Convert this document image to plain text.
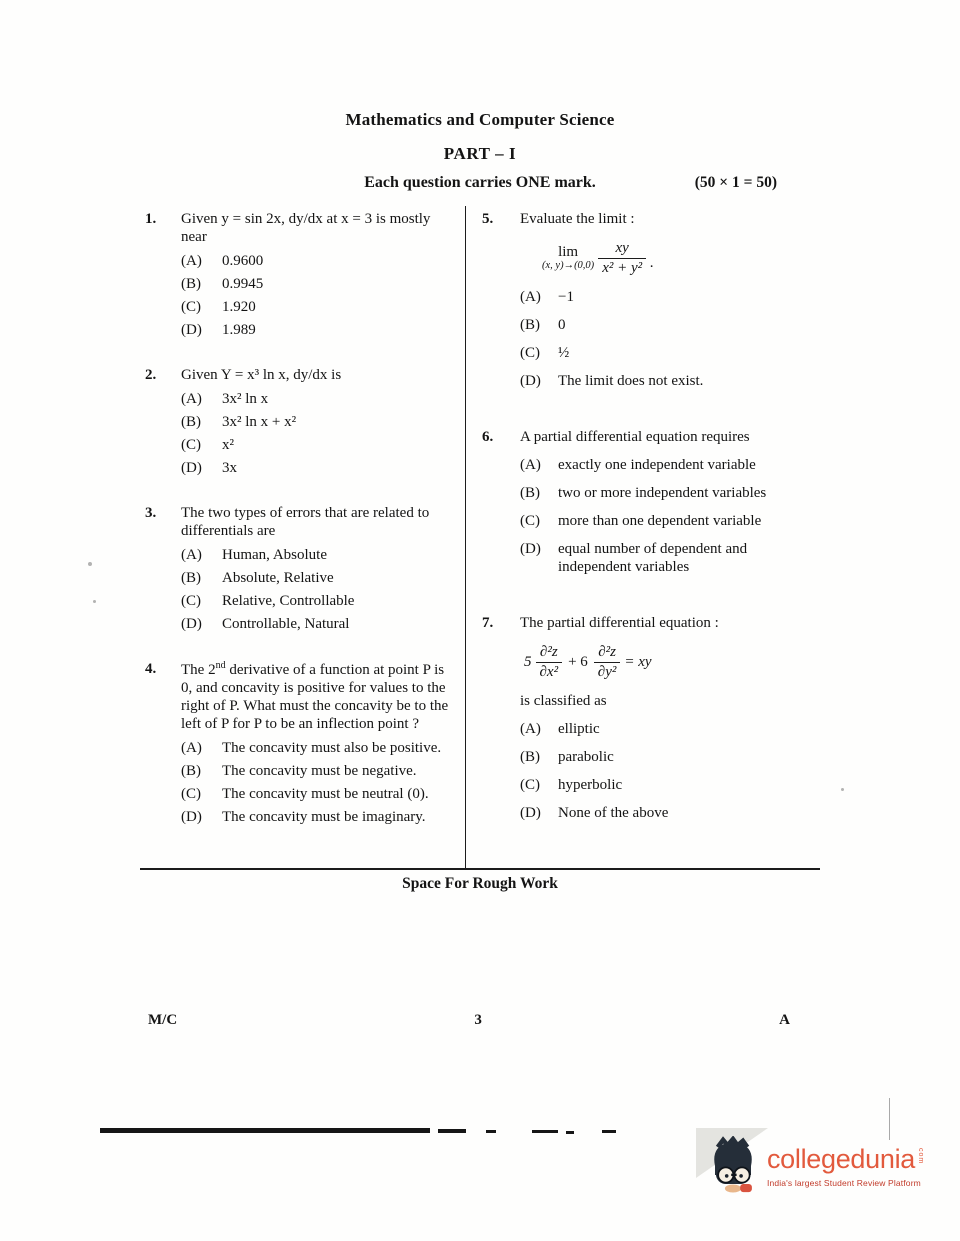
Mathematics and Computer Science
PART – I
Each question carries ONE mark.	(50 × 1 = 50)
1.	Given y = sin 2x, dy/dx at x = 3 is mostly near
(A)	0.9600
(B)	0.9945
(C)	1.920
(D)	1.989
2.	Given Y = x³ ln x, dy/dx is
(A)	3x² ln x
(B)	3x² ln x + x²
(C)	x²
(D)	3x
3.	The two types of errors that are related to differentials are
(A)	Human, Absolute
(B)	Absolute, Relative
(C)	Relative, Controllable
(D)	Controllable, Natural
4.	The 2nd derivative of a function at point P is 0, and concavity is positive for values to the right of P. What must the concavity be to the left of P for P to be an inflection point ?
(A)	The concavity must also be positive.
(B)	The concavity must be negative.
(C)	The concavity must be neutral (0).
(D)	The concavity must be imaginary.
5.	Evaluate the limit :
lim
(x, $y)\to(0,0) \frac{xy}{\text{x² + y²}}$ .
(A)	−1
(B)	0
(C)	½
(D)	The limit does not exist.
6.	A partial differential equation requires
(A)	exactly one independent variable
(B)	two or more independent variables
(C)	more than one dependent variable
(D)	equal number of dependent and independent variables
7.	The partial differential equation :
$5 \frac{\text{∂²z}}{\text{∂x²}} + 6 \frac{\text{∂²z}}{\text{∂y²}}$ = xy
is classified as
(A)	elliptic
(B)	parabolic
(C)	hyperbolic
(D)	None of the above
Space For Rough Work
M/C	3	A
collegedunia com
India's largest Student Review Platform
